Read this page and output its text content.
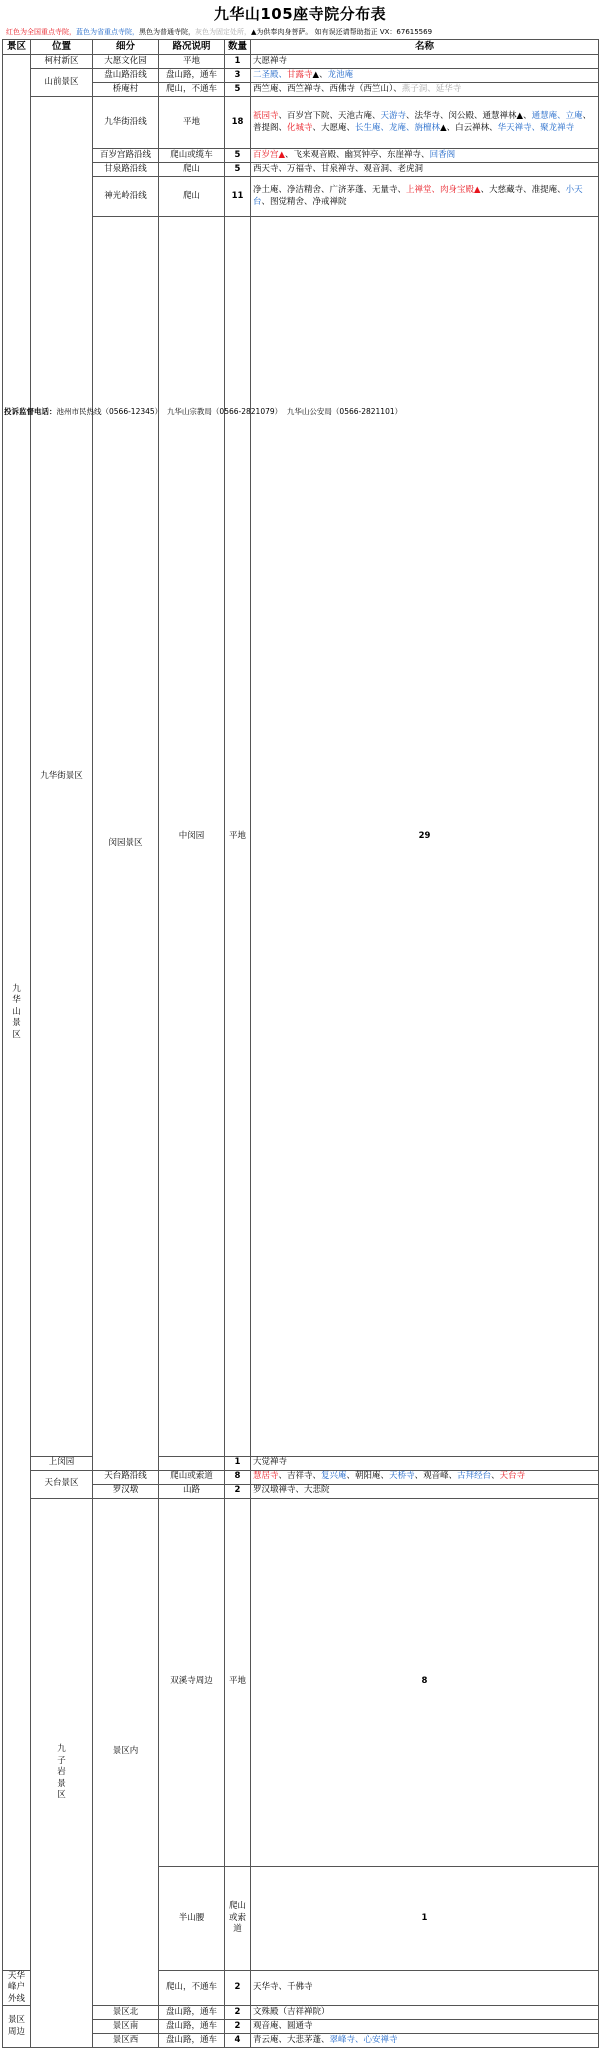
九华山105座寺院分布表
红色为全国重点寺院，蓝色为省重点寺院，黑色为普通寺院，灰色为固定处所，▲为供奉肉身菩萨。 如有误还请帮助指正 VX：67615569
景区	位置	细分	路况说明	数量	名称	

九
华
山
景
区	柯村新区	大愿文化园	平地	1	大愿禅寺	
	山前景区	盘山路沿线	盘山路，通车	3	二圣殿、甘露寺▲、龙池庵	
		桥庵村	爬山，不通车	5	西竺庵、西竺禅寺、西佛寺（西竺山）、燕子洞、延华寺	
	九华街景区	九华街沿线	平地	18	祇园寺、百岁宫下院、天池古庵、天游寺、法华寺、闵公殿、通慧禅林▲、通慧庵、立庵、普提阁、化城寺、大愿庵、长生庵、龙庵、旃檀林▲、白云禅林、华天禅寺、聚龙禅寺	
		百岁宫路沿线	爬山或缆车	5	百岁宫▲、飞来观音殿、幽冥钟亭、东崖禅寺、回香阁	
		甘泉路沿线	爬山	5	西天寺、万福寺、甘泉禅寺、观音洞、老虎洞	
		神光岭沿线	爬山	11	净土庵、净洁精舍、广济茅蓬、无量寺、上禅堂、肉身宝殿▲、大慈藏寺、准提庵、小天台、图觉精舍、净戒禅院	
		闵园景区	中闵园	平地	29	
	上闵园			1	大觉禅寺	
	天台景区	天台路沿线	爬山或索道	8	慧居寺、吉祥寺、复兴庵、朝阳庵、天桥寺、观音峰、古拜经台、天台寺	
		罗汉墩	山路	2	罗汉墩禅寺、大悲院	

	九
子
岩
景
区	景区内	双溪寺周边	平地	8	
			半山腰	爬山或索道	1	
天华峰户外线			爬山，不通车	2	天华寺、千佛寺	
景区周边		景区北	盘山路，通车	2	文殊殿（吉祥禅院）	
		景区南	盘山路，通车	2	观音庵、圆通寺	
		景区西	盘山路，通车	4	青云庵、大悲茅蓬、翠峰寺、心安禅寺	
投诉监督电话：池州市民热线（0566-12345） 九华山宗教局（0566-2821079） 九华山公安局（0566-2821101）
